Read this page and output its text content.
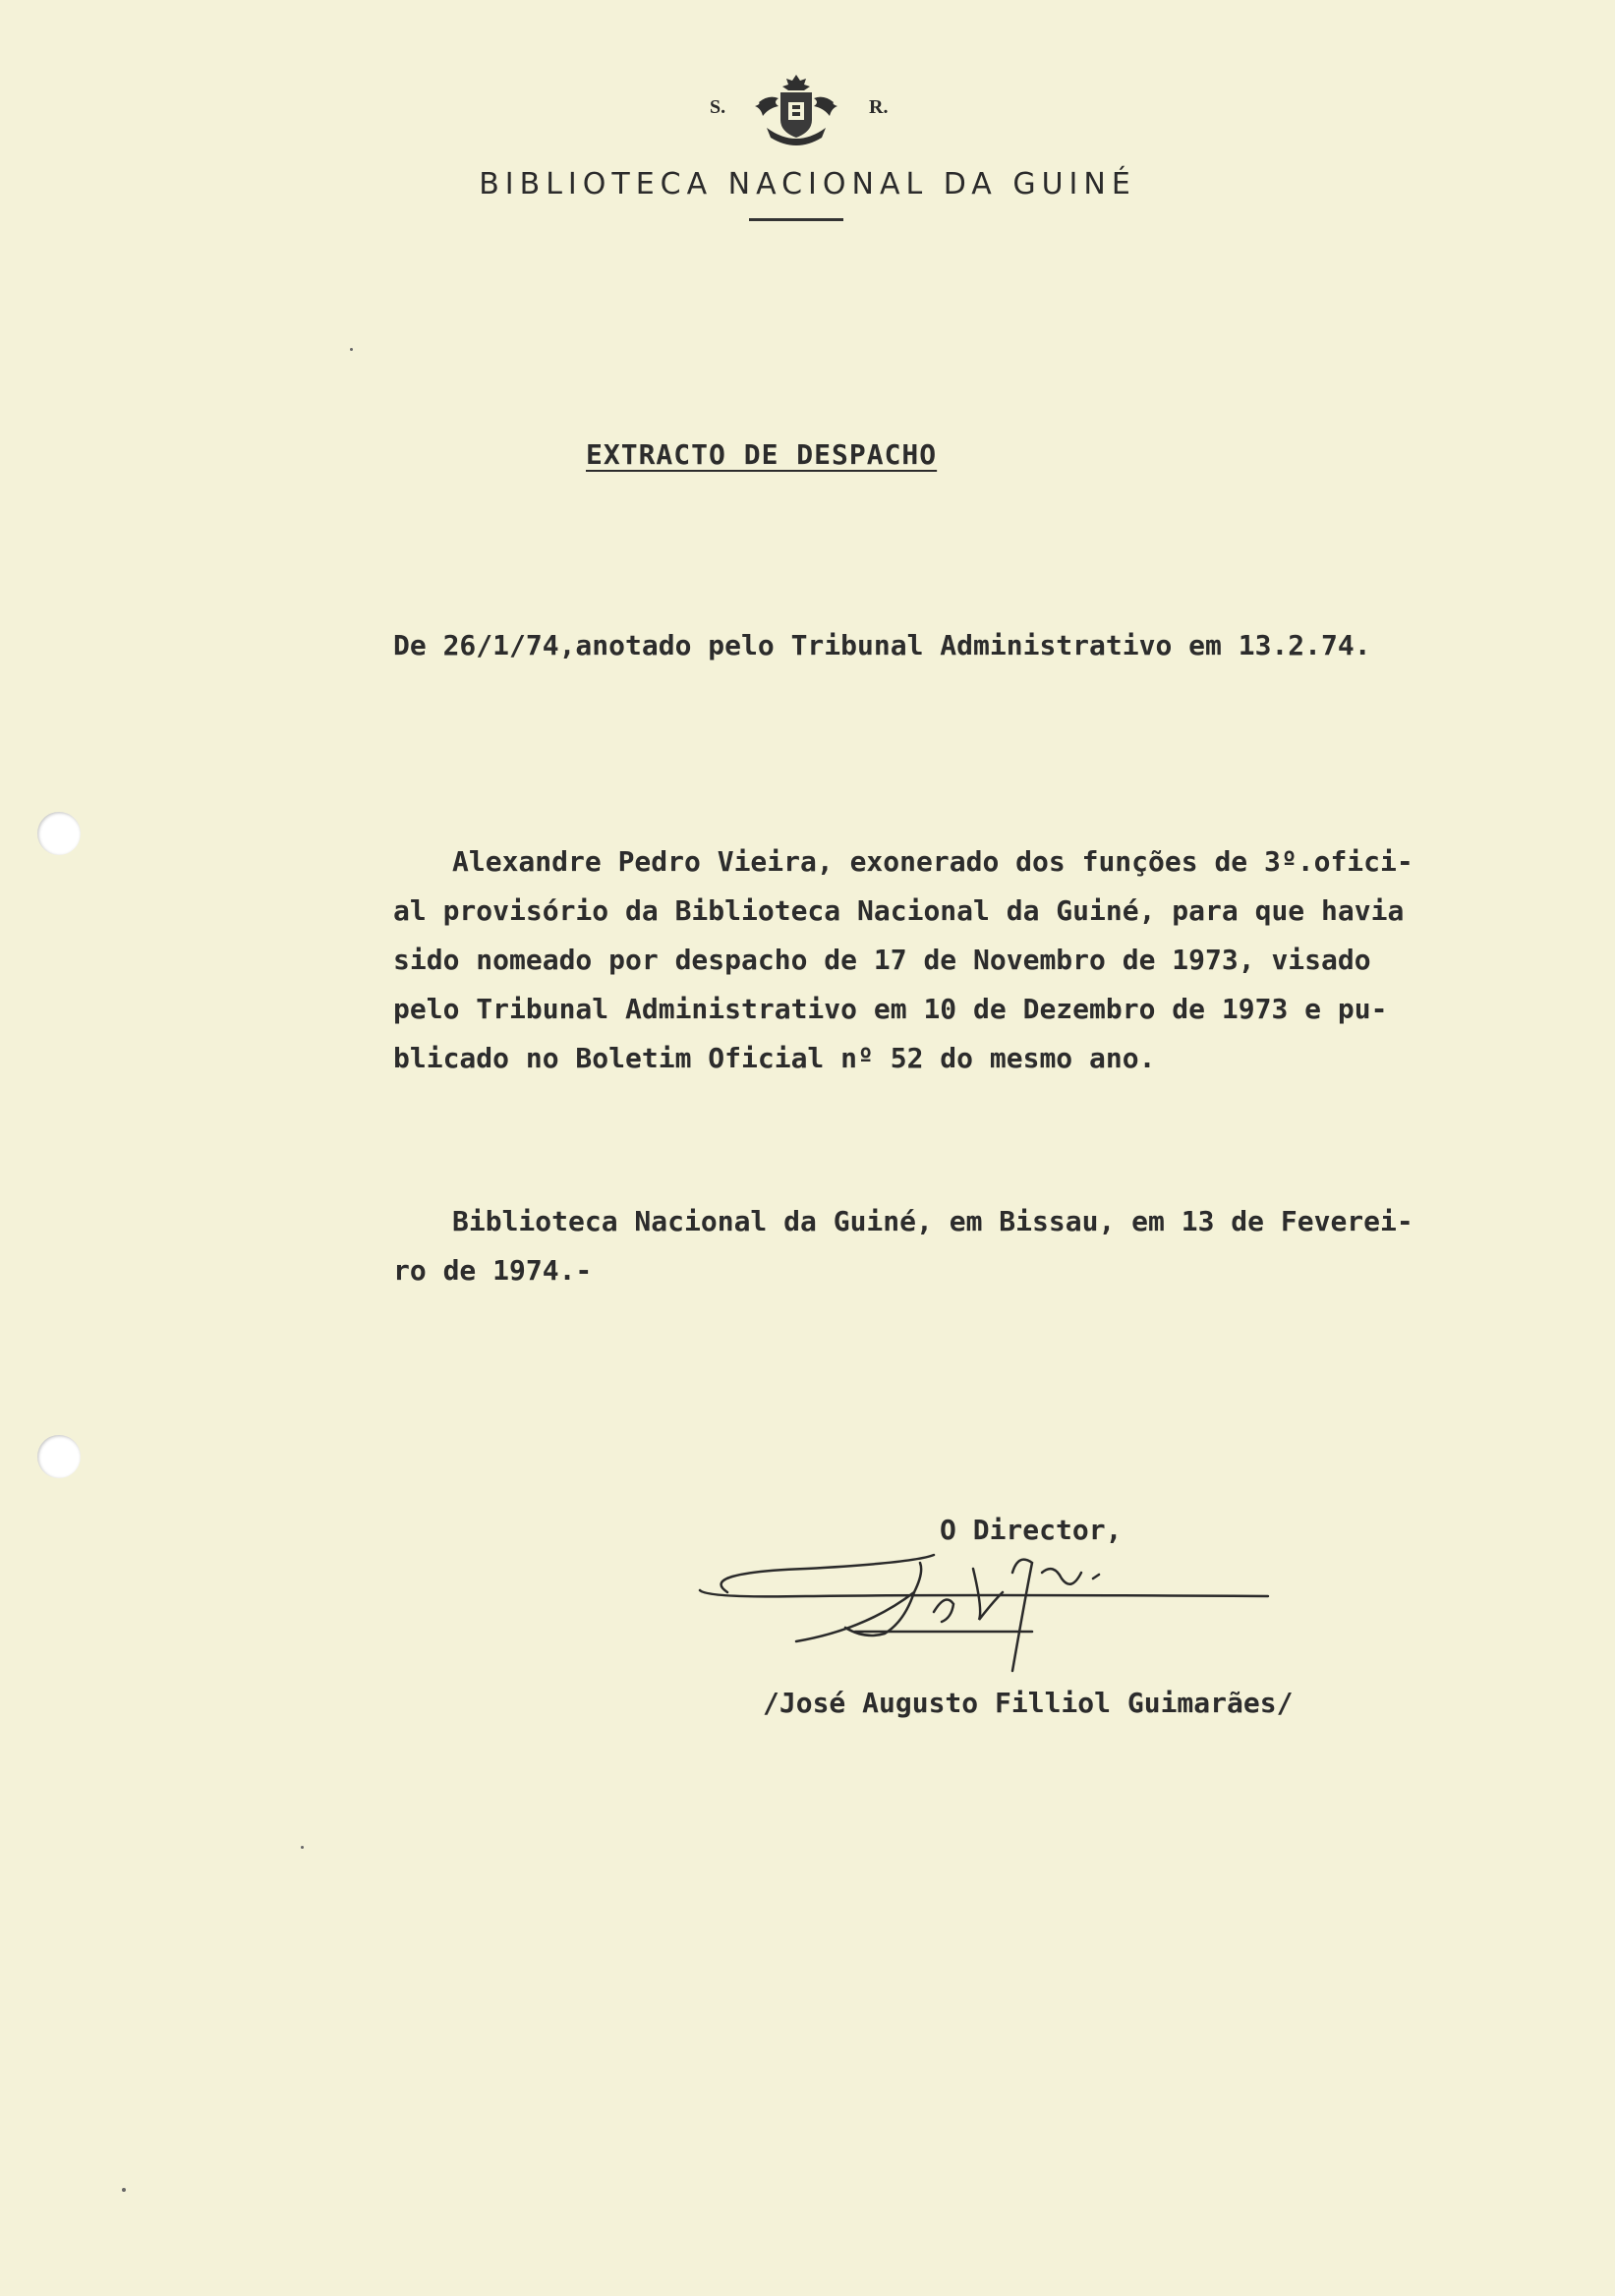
S.	R.
BIBLIOTECA NACIONAL DA GUINÉ
EXTRACTO DE DESPACHO
De 26/1/74,anotado pelo Tribunal Administrativo em 13.2.74.
Alexandre Pedro Vieira, exonerado dos funções de 3º.ofici-
al provisório da Biblioteca Nacional da Guiné, para que havia
sido nomeado por despacho de 17 de Novembro de 1973, visado
pelo Tribunal Administrativo em 10 de Dezembro de 1973 e pu-
blicado no Boletim Oficial nº 52 do mesmo ano.
Biblioteca Nacional da Guiné, em Bissau, em 13 de Feverei-
ro de 1974.-
O Director,
/José Augusto Filliol Guimarães/
